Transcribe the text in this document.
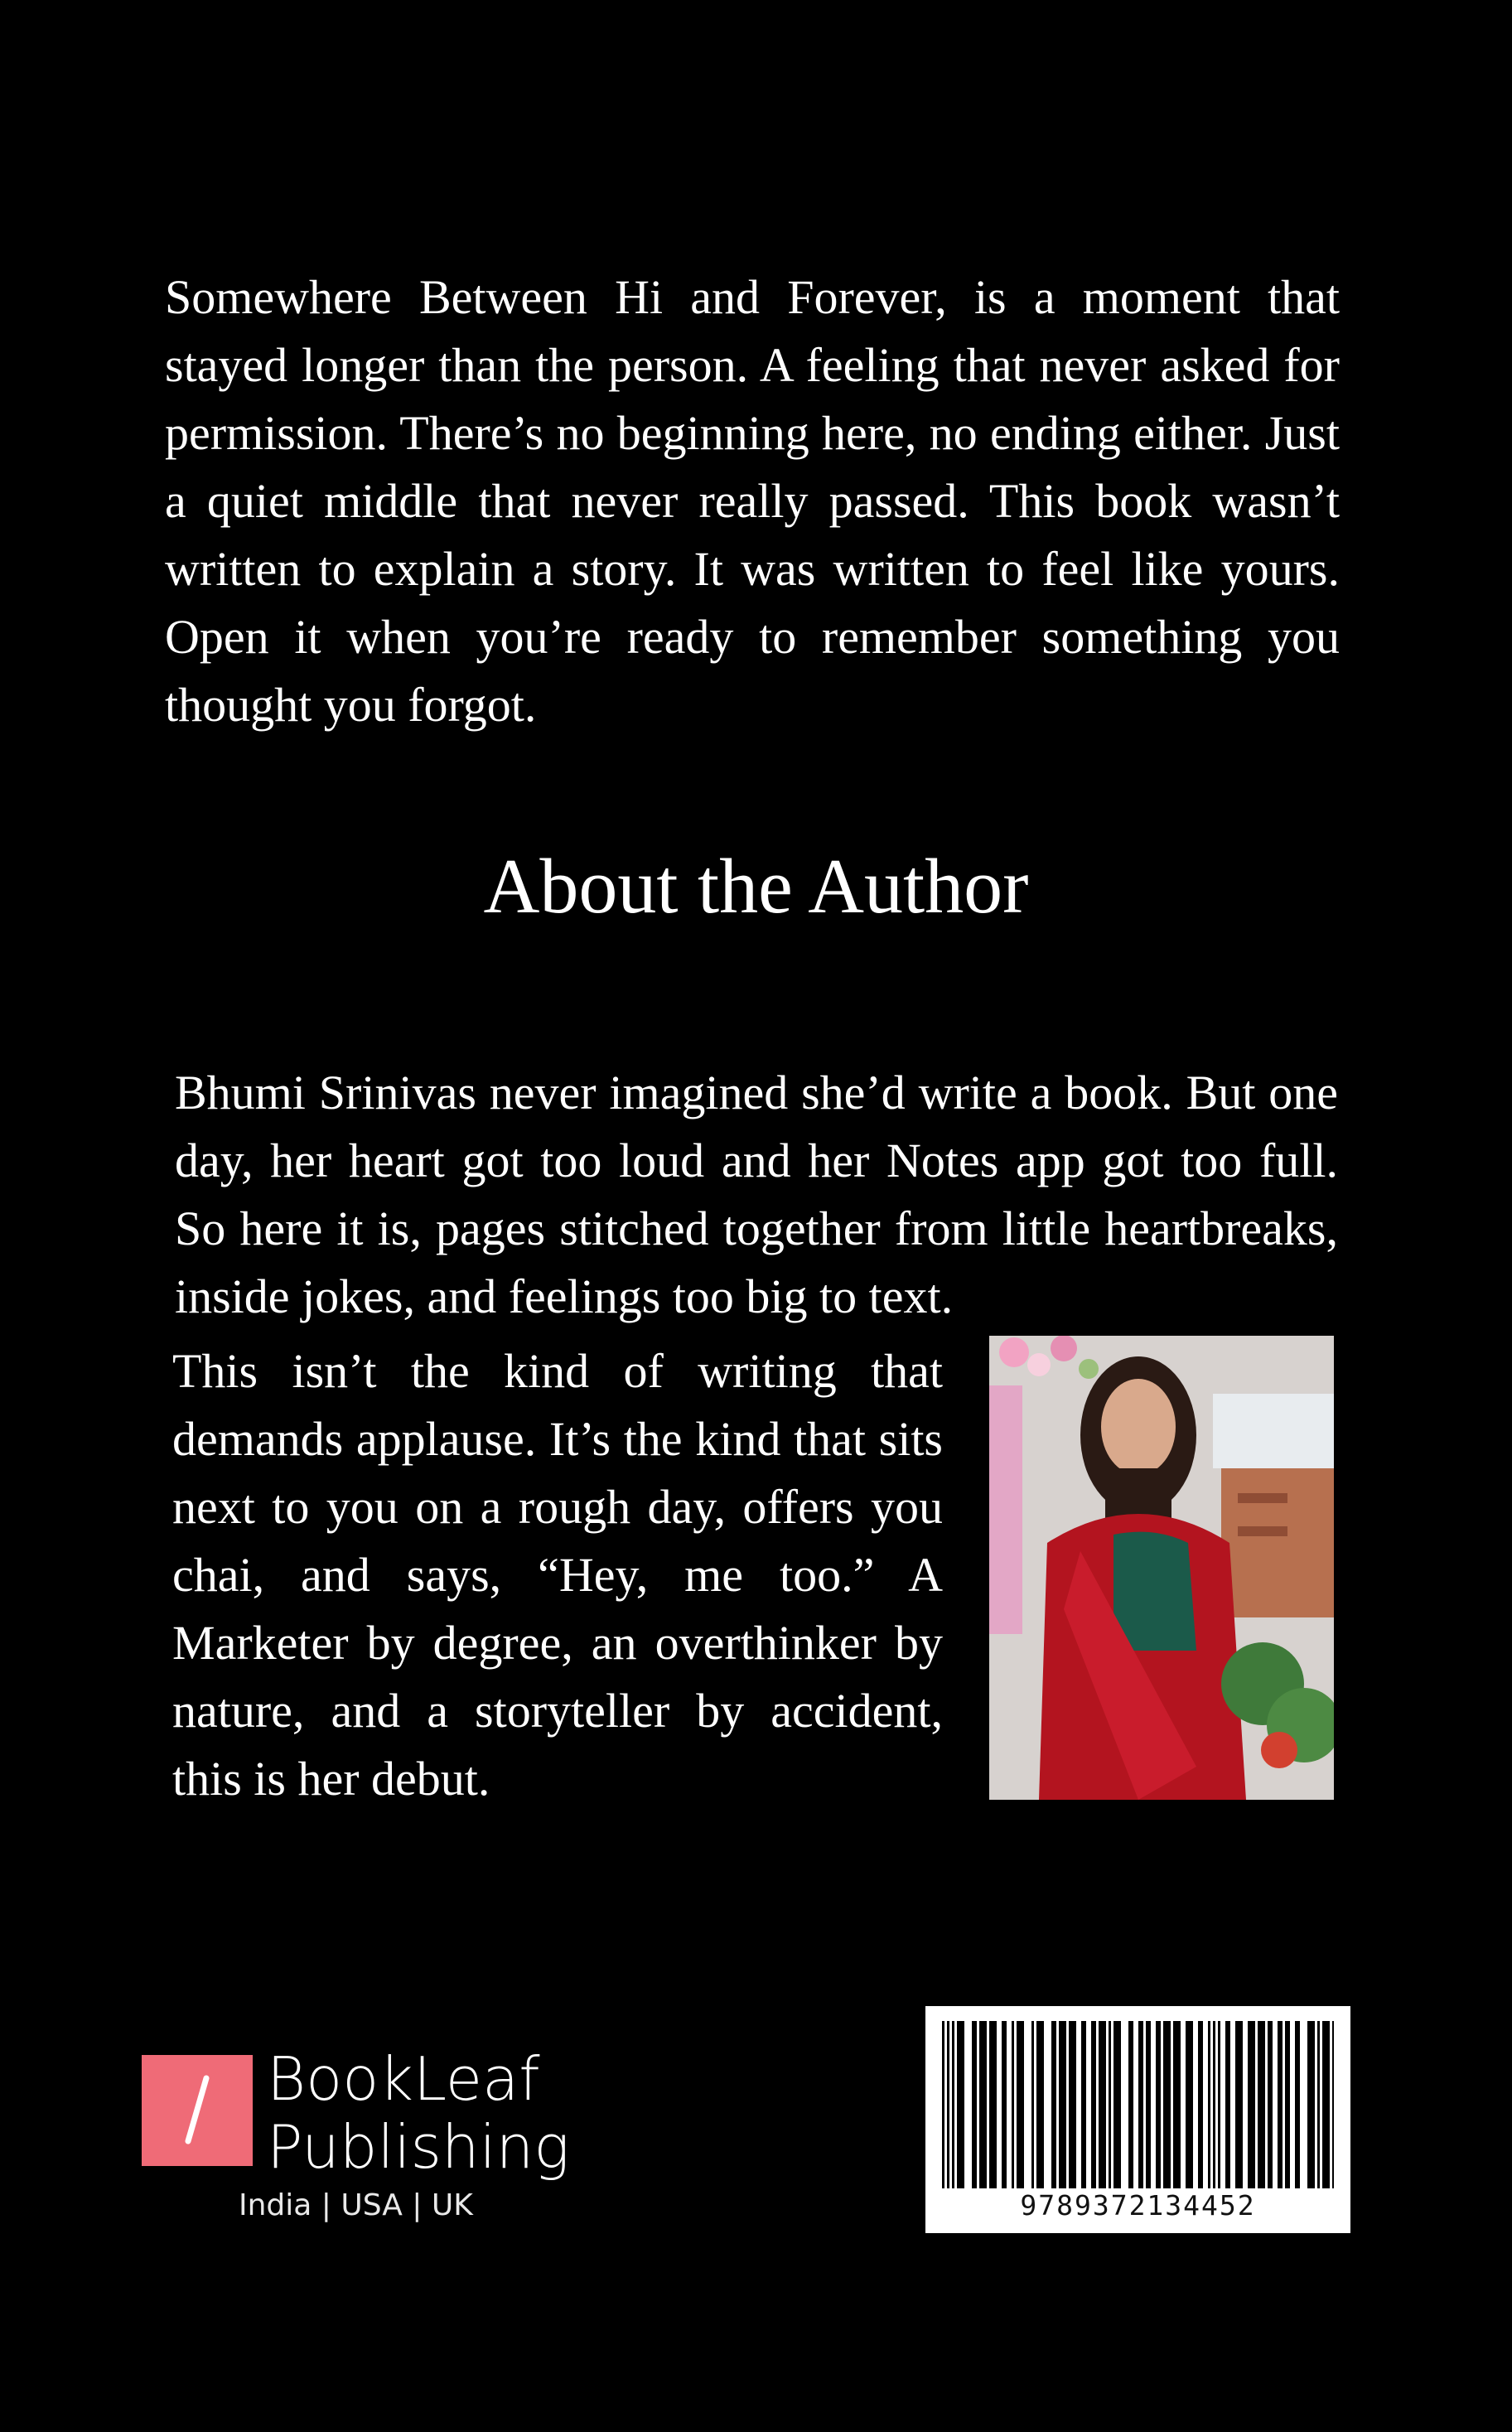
Somewhere Between Hi and Forever, is a moment that stayed longer than the person. A feeling that never asked for permission. There’s no beginning here, no ending either. Just a quiet middle that never really passed. This book wasn’t written to explain a story. It was written to feel like yours. Open it when you’re ready to remember something you thought you forgot.

About the Author

Bhumi Srinivas never imagined she’d write a book. But one day, her heart got too loud and her Notes app got too full. So here it is, pages stitched together from little heartbreaks, inside jokes, and feelings too big to text.

This isn’t the kind of writing that demands applause. It’s the kind that sits next to you on a rough day, offers you chai, and says, “Hey, me too.” A Marketer by degree, an overthinker by nature, and a storyteller by accident, this is her debut.

BookLeaf
Publishing

India | USA | UK	9789372134452
